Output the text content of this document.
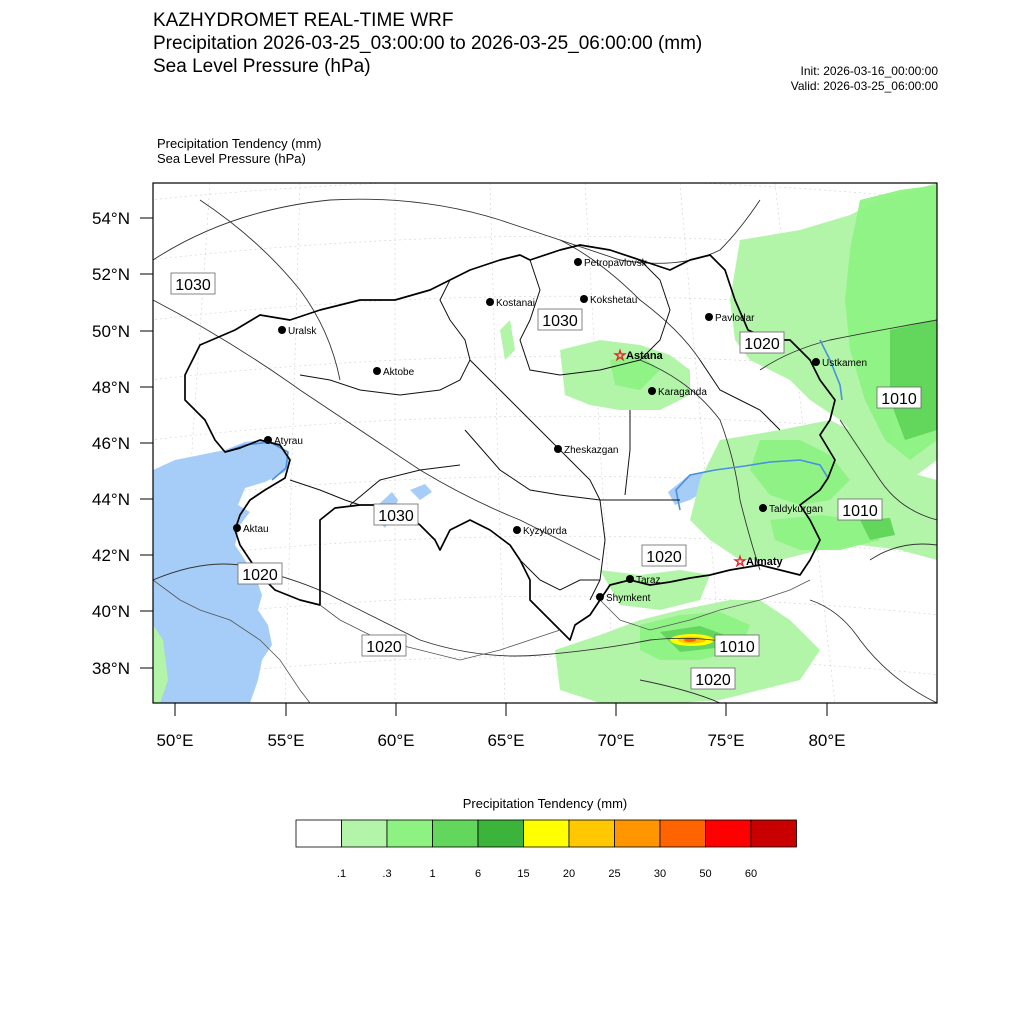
KAZHYDROMET REAL-TIME WRF
Precipitation 2026-03-25_03:00:00 to 2026-03-25_06:00:00 (mm)
Sea Level Pressure (hPa)	Init: 2026-03-16_00:00:00
Valid: 2026-03-25_06:00:00
Precipitation Tendency (mm)
Sea Level Pressure (hPa)
54°N
52°N
50°N
48°N
46°N
44°N
42°N
40°N
38°N
50°E	55°E	60°E	65°E	70°E	75°E	80°E
1030
1030
1030
1020
1010
1010
1020
1020
1020	1010
1020
Petropavlovsk
Kostanai	Kokshetau
Pavlodar
Uralsk
Aktobe
☆ Astana
Karaganda
Ustkamen
Atyrau
Zheskazgan
Aktau	Kyzylorda
Taldykurgan
☆ Almaty
Taraz
Shymkent
Precipitation Tendency (mm)
.1	.3	1	6	15	20	25	30	50	60
